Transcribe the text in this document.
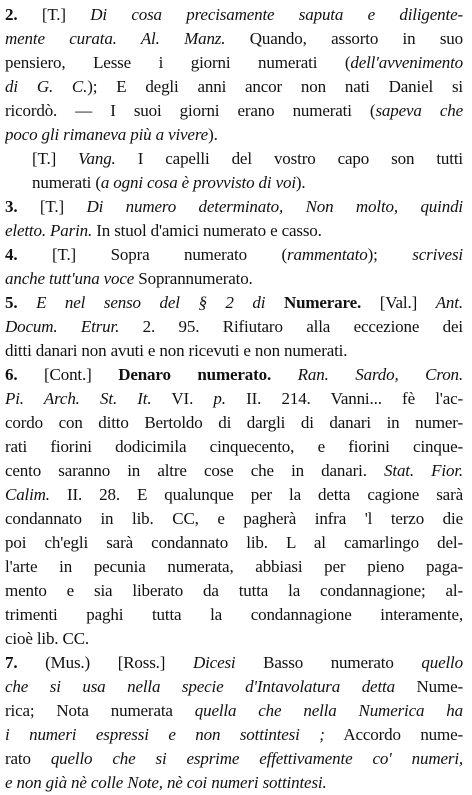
2. [T.] Di cosa precisamente saputa e diligente-
mente curata. Al. Manz. Quando, assorto in suo
pensiero, Lesse i giorni numerati (dell'avvenimento
di G. C.); E degli anni ancor non nati Daniel si
ricordò. — I suoi giorni erano numerati (sapeva che
poco gli rimaneva più a vivere).
[T.] Vang. I capelli del vostro capo son tutti
numerati (a ogni cosa è provvisto di voi).
3. [T.] Di numero determinato, Non molto, quindi
eletto. Parin. In stuol d'amici numerato e casso.
4. [T.] Sopra numerato (rammentato); scrivesi
anche tutt'una voce Soprannumerato.
5. E nel senso del § 2 di Numerare. [Val.] Ant.
Docum. Etrur. 2. 95. Rifiutaro alla eccezione dei
ditti danari non avuti e non ricevuti e non numerati.
6. [Cont.] Denaro numerato. Ran. Sardo, Cron.
Pi. Arch. St. It. VI. p. II. 214. Vanni... fè l'ac-
cordo con ditto Bertoldo di dargli di danari in numer-
rati fiorini dodicimila cinquecento, e fiorini cinque-
cento saranno in altre cose che in danari. Stat. Fior.
Calim. II. 28. E qualunque per la detta cagione sarà
condannato in lib. CC, e pagherà infra 'l terzo die
poi ch'egli sarà condannato lib. L al camarlingo del-
l'arte in pecunia numerata, abbiasi per pieno paga-
mento e sia liberato da tutta la condannagione; al-
trimenti paghi tutta la condannagione interamente,
cioè lib. CC.
7. (Mus.) [Ross.] Dicesi Basso numerato quello
che si usa nella specie d'Intavolatura detta Nume-
rica; Nota numerata quella che nella Numerica ha
i numeri espressi e non sottintesi ; Accordo nume-
rato quello che si esprime effettivamente co' numeri,
e non già nè colle Note, nè coi numeri sottintesi.
